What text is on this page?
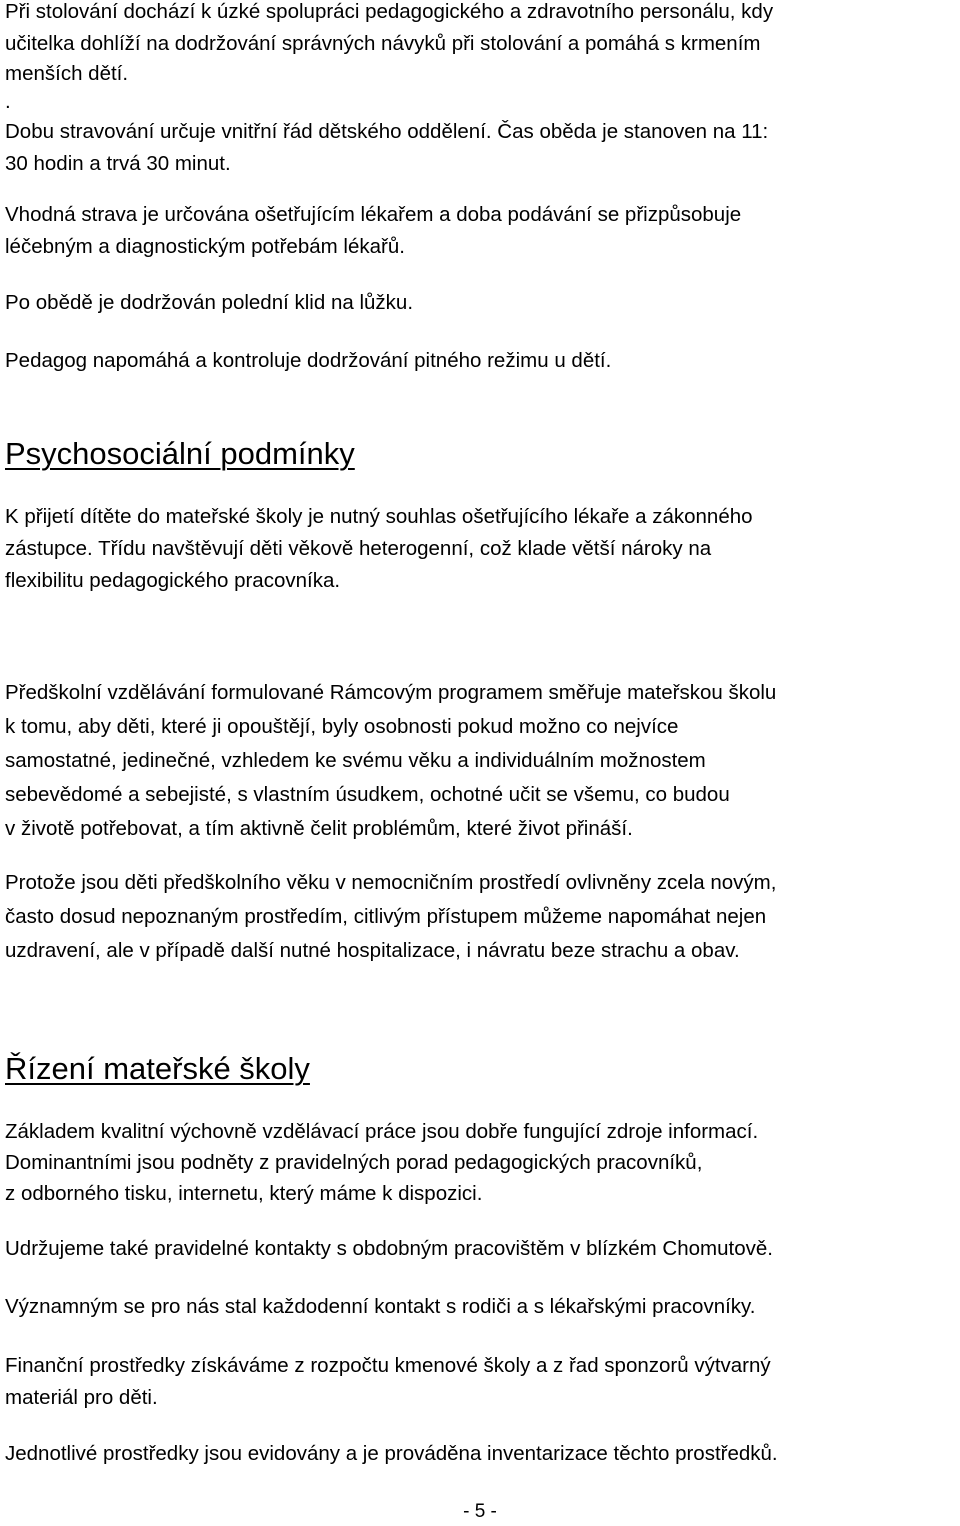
Při stolování dochází k úzké spolupráci pedagogického a zdravotního personálu, kdy
učitelka dohlíží na dodržování správných návyků při stolování a pomáhá s krmením
menších dětí.
.
Dobu stravování určuje vnitřní řád dětského oddělení. Čas oběda je stanoven na 11:
30 hodin a trvá 30 minut.
Vhodná strava je určována ošetřujícím lékařem a doba podávání se přizpůsobuje
léčebným a diagnostickým potřebám lékařů.
Po obědě je dodržován polední klid na lůžku.
Pedagog napomáhá a kontroluje dodržování pitného režimu u dětí.
Psychosociální podmínky
K přijetí dítěte do mateřské školy je nutný souhlas ošetřujícího lékaře a zákonného
zástupce. Třídu navštěvují děti věkově heterogenní, což klade větší nároky na
flexibilitu pedagogického pracovníka.
Předškolní vzdělávání formulované Rámcovým programem směřuje mateřskou školu
k tomu, aby děti, které ji opouštějí, byly osobnosti pokud možno co nejvíce
samostatné, jedinečné, vzhledem ke svému věku a individuálním možnostem
sebevědomé a sebejisté, s vlastním úsudkem, ochotné učit se všemu, co budou
v životě potřebovat, a tím aktivně čelit problémům, které život přináší.
Protože jsou děti předškolního věku v nemocničním prostředí ovlivněny zcela novým,
často dosud nepoznaným prostředím, citlivým přístupem můžeme napomáhat nejen
uzdravení, ale v případě další nutné hospitalizace, i návratu beze strachu a obav.
Řízení mateřské školy
Základem kvalitní výchovně vzdělávací práce jsou dobře fungující zdroje informací.
Dominantními jsou podněty z pravidelných porad pedagogických pracovníků,
z odborného tisku, internetu, který máme k dispozici.
Udržujeme také pravidelné kontakty s obdobným pracovištěm v blízkém Chomutově.
Významným se pro nás stal každodenní kontakt s rodiči a s lékařskými pracovníky.
Finanční prostředky získáváme z rozpočtu kmenové školy a z řad sponzorů výtvarný
materiál pro děti.
Jednotlivé prostředky jsou evidovány a je prováděna inventarizace těchto prostředků.
- 5 -
